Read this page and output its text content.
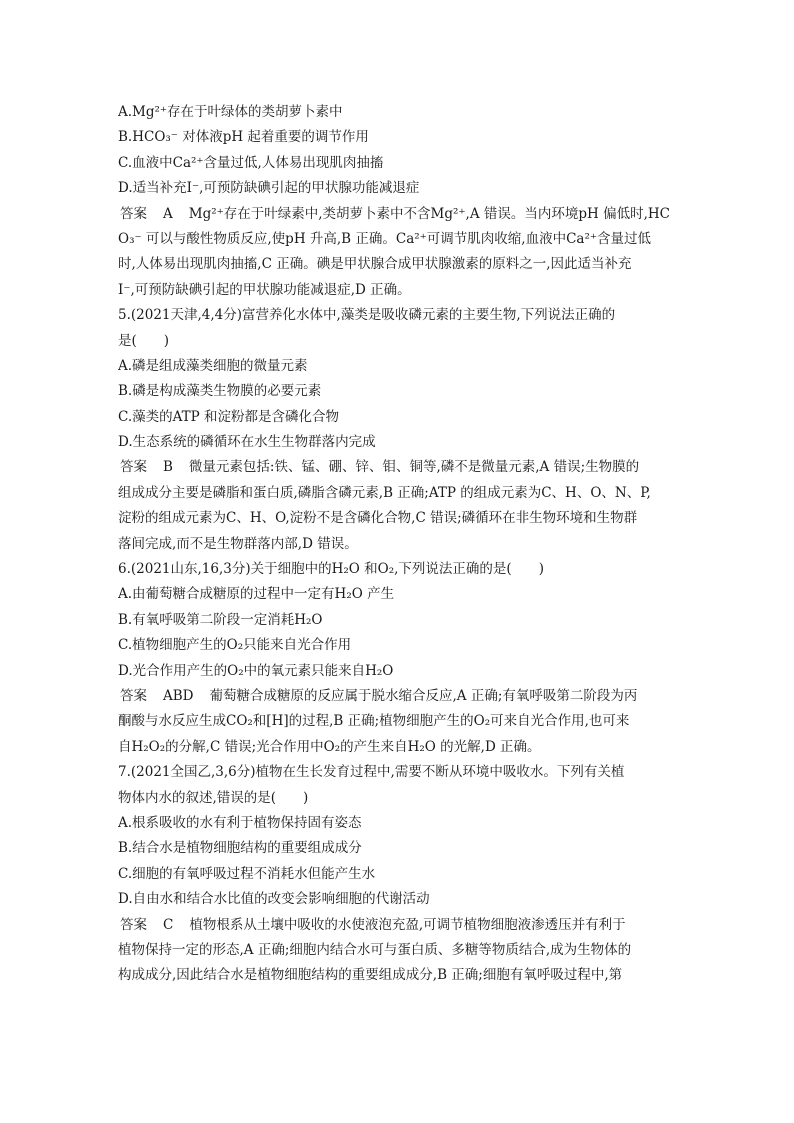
A.Mg²⁺存在于叶绿体的类胡萝卜素中
B.HCO₃⁻ 对体液pH 起着重要的调节作用
C.血液中Ca²⁺含量过低,人体易出现肌肉抽搐
D.适当补充I⁻,可预防缺碘引起的甲状腺功能减退症
答案 A Mg²⁺存在于叶绿素中,类胡萝卜素中不含Mg²⁺,A 错误。当内环境pH 偏低时,HC
O₃⁻ 可以与酸性物质反应,使pH 升高,B 正确。Ca²⁺可调节肌肉收缩,血液中Ca²⁺含量过低
时,人体易出现肌肉抽搐,C 正确。碘是甲状腺合成甲状腺激素的原料之一,因此适当补充
I⁻,可预防缺碘引起的甲状腺功能减退症,D 正确。
5.(2021天津,4,4分)富营养化水体中,藻类是吸收磷元素的主要生物,下列说法正确的
是(　　)
A.磷是组成藻类细胞的微量元素
B.磷是构成藻类生物膜的必要元素
C.藻类的ATP 和淀粉都是含磷化合物
D.生态系统的磷循环在水生生物群落内完成
答案 B 微量元素包括:铁、锰、硼、锌、钼、铜等,磷不是微量元素,A 错误;生物膜的
组成成分主要是磷脂和蛋白质,磷脂含磷元素,B 正确;ATP 的组成元素为C、H、O、N、P,
淀粉的组成元素为C、H、O,淀粉不是含磷化合物,C 错误;磷循环在非生物环境和生物群
落间完成,而不是生物群落内部,D 错误。
6.(2021山东,16,3分)关于细胞中的H₂O 和O₂,下列说法正确的是(　　)
A.由葡萄糖合成糖原的过程中一定有H₂O 产生
B.有氧呼吸第二阶段一定消耗H₂O
C.植物细胞产生的O₂只能来自光合作用
D.光合作用产生的O₂中的氧元素只能来自H₂O
答案 ABD 葡萄糖合成糖原的反应属于脱水缩合反应,A 正确;有氧呼吸第二阶段为丙
酮酸与水反应生成CO₂和[H]的过程,B 正确;植物细胞产生的O₂可来自光合作用,也可来
自H₂O₂的分解,C 错误;光合作用中O₂的产生来自H₂O 的光解,D 正确。
7.(2021全国乙,3,6分)植物在生长发育过程中,需要不断从环境中吸收水。下列有关植
物体内水的叙述,错误的是(　　)
A.根系吸收的水有利于植物保持固有姿态
B.结合水是植物细胞结构的重要组成成分
C.细胞的有氧呼吸过程不消耗水但能产生水
D.自由水和结合水比值的改变会影响细胞的代谢活动
答案 C 植物根系从土壤中吸收的水使液泡充盈,可调节植物细胞液渗透压并有利于
植物保持一定的形态,A 正确;细胞内结合水可与蛋白质、多糖等物质结合,成为生物体的
构成成分,因此结合水是植物细胞结构的重要组成成分,B 正确;细胞有氧呼吸过程中,第
